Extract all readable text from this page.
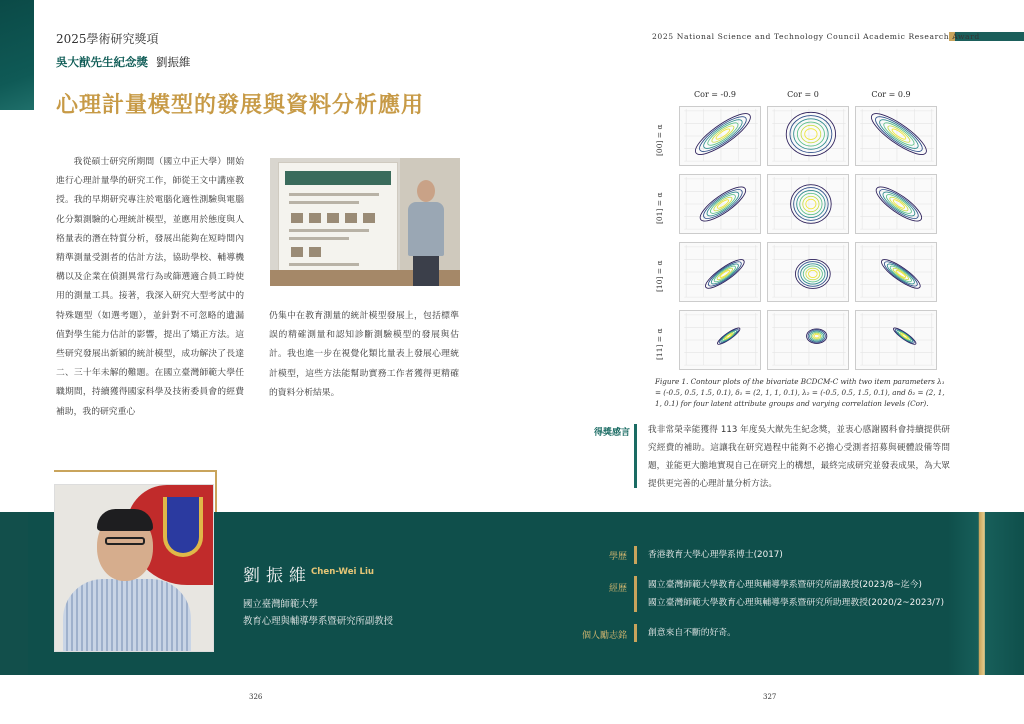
2025學術研究獎項	2025 National Science and Technology Council Academic Research Award
吳大猷先生紀念獎 劉振維
心理計量模型的發展與資料分析應用

我從碩士研究所期間（國立中正大學）開始進行心理計量學的研究工作，師從王文中講座教授。我的早期研究專注於電腦化適性測驗與電腦化分類測驗的心理統計模型，並應用於態度與人格量表的潛在特質分析，發展出能夠在短時間內精準測量受測者的估計方法，協助學校、輔導機構以及企業在偵測異常行為或篩選適合員工時使用的測量工具。接著，我深入研究大型考試中的特殊題型（如選考題），並針對不可忽略的遺漏值對學生能力估計的影響，提出了矯正方法。這些研究發展出新穎的統計模型，成功解決了長達二、三十年未解的難題。在國立臺灣師範大學任職期間，持續獲得國家科學及技術委員會的經費補助，我的研究重心

仍集中在教育測量的統計模型發展上，包括標準誤的精確測量和認知診斷測驗模型的發展與估計。我也進一步在視覺化類比量表上發展心理統計模型，這些方法能幫助實務工作者獲得更精確的資料分析結果。

Cor = -0.9	Cor = 0	Cor = 0.9
[00] = α
[01] = α
[10] = α
[11] = α
Figure 1. Contour plots of the bivariate BCDCM-C with two item parameters λ₁ = (-0.5, 0.5, 1.5, 0.1), δ₁ = (2, 1, 1, 0.1), λ₂ = (-0.5, 0.5, 1.5, 0.1), and δ₂ = (2, 1, 1, 0.1) for four latent attribute groups and varying correlation levels (Cor).
得獎感言 我非常榮幸能獲得 113 年度吳大猷先生紀念獎，並衷心感謝國科會持續提供研究經費的補助。這讓我在研究過程中能夠不必擔心受測者招募與硬體設備等問題，並能更大膽地實現自己在研究上的構想，最終完成研究並發表成果，為大眾提供更完善的心理計量分析方法。
劉振維 Chen-Wei Liu
國立臺灣師範大學
教育心理與輔導學系暨研究所副教授
學歷 香港教育大學心理學系博士(2017)
經歷 國立臺灣師範大學教育心理與輔導學系暨研究所副教授(2023/8~迄今)
國立臺灣師範大學教育心理與輔導學系暨研究所助理教授(2020/2~2023/7)
個人勵志銘 創意來自不斷的好奇。
326	327
